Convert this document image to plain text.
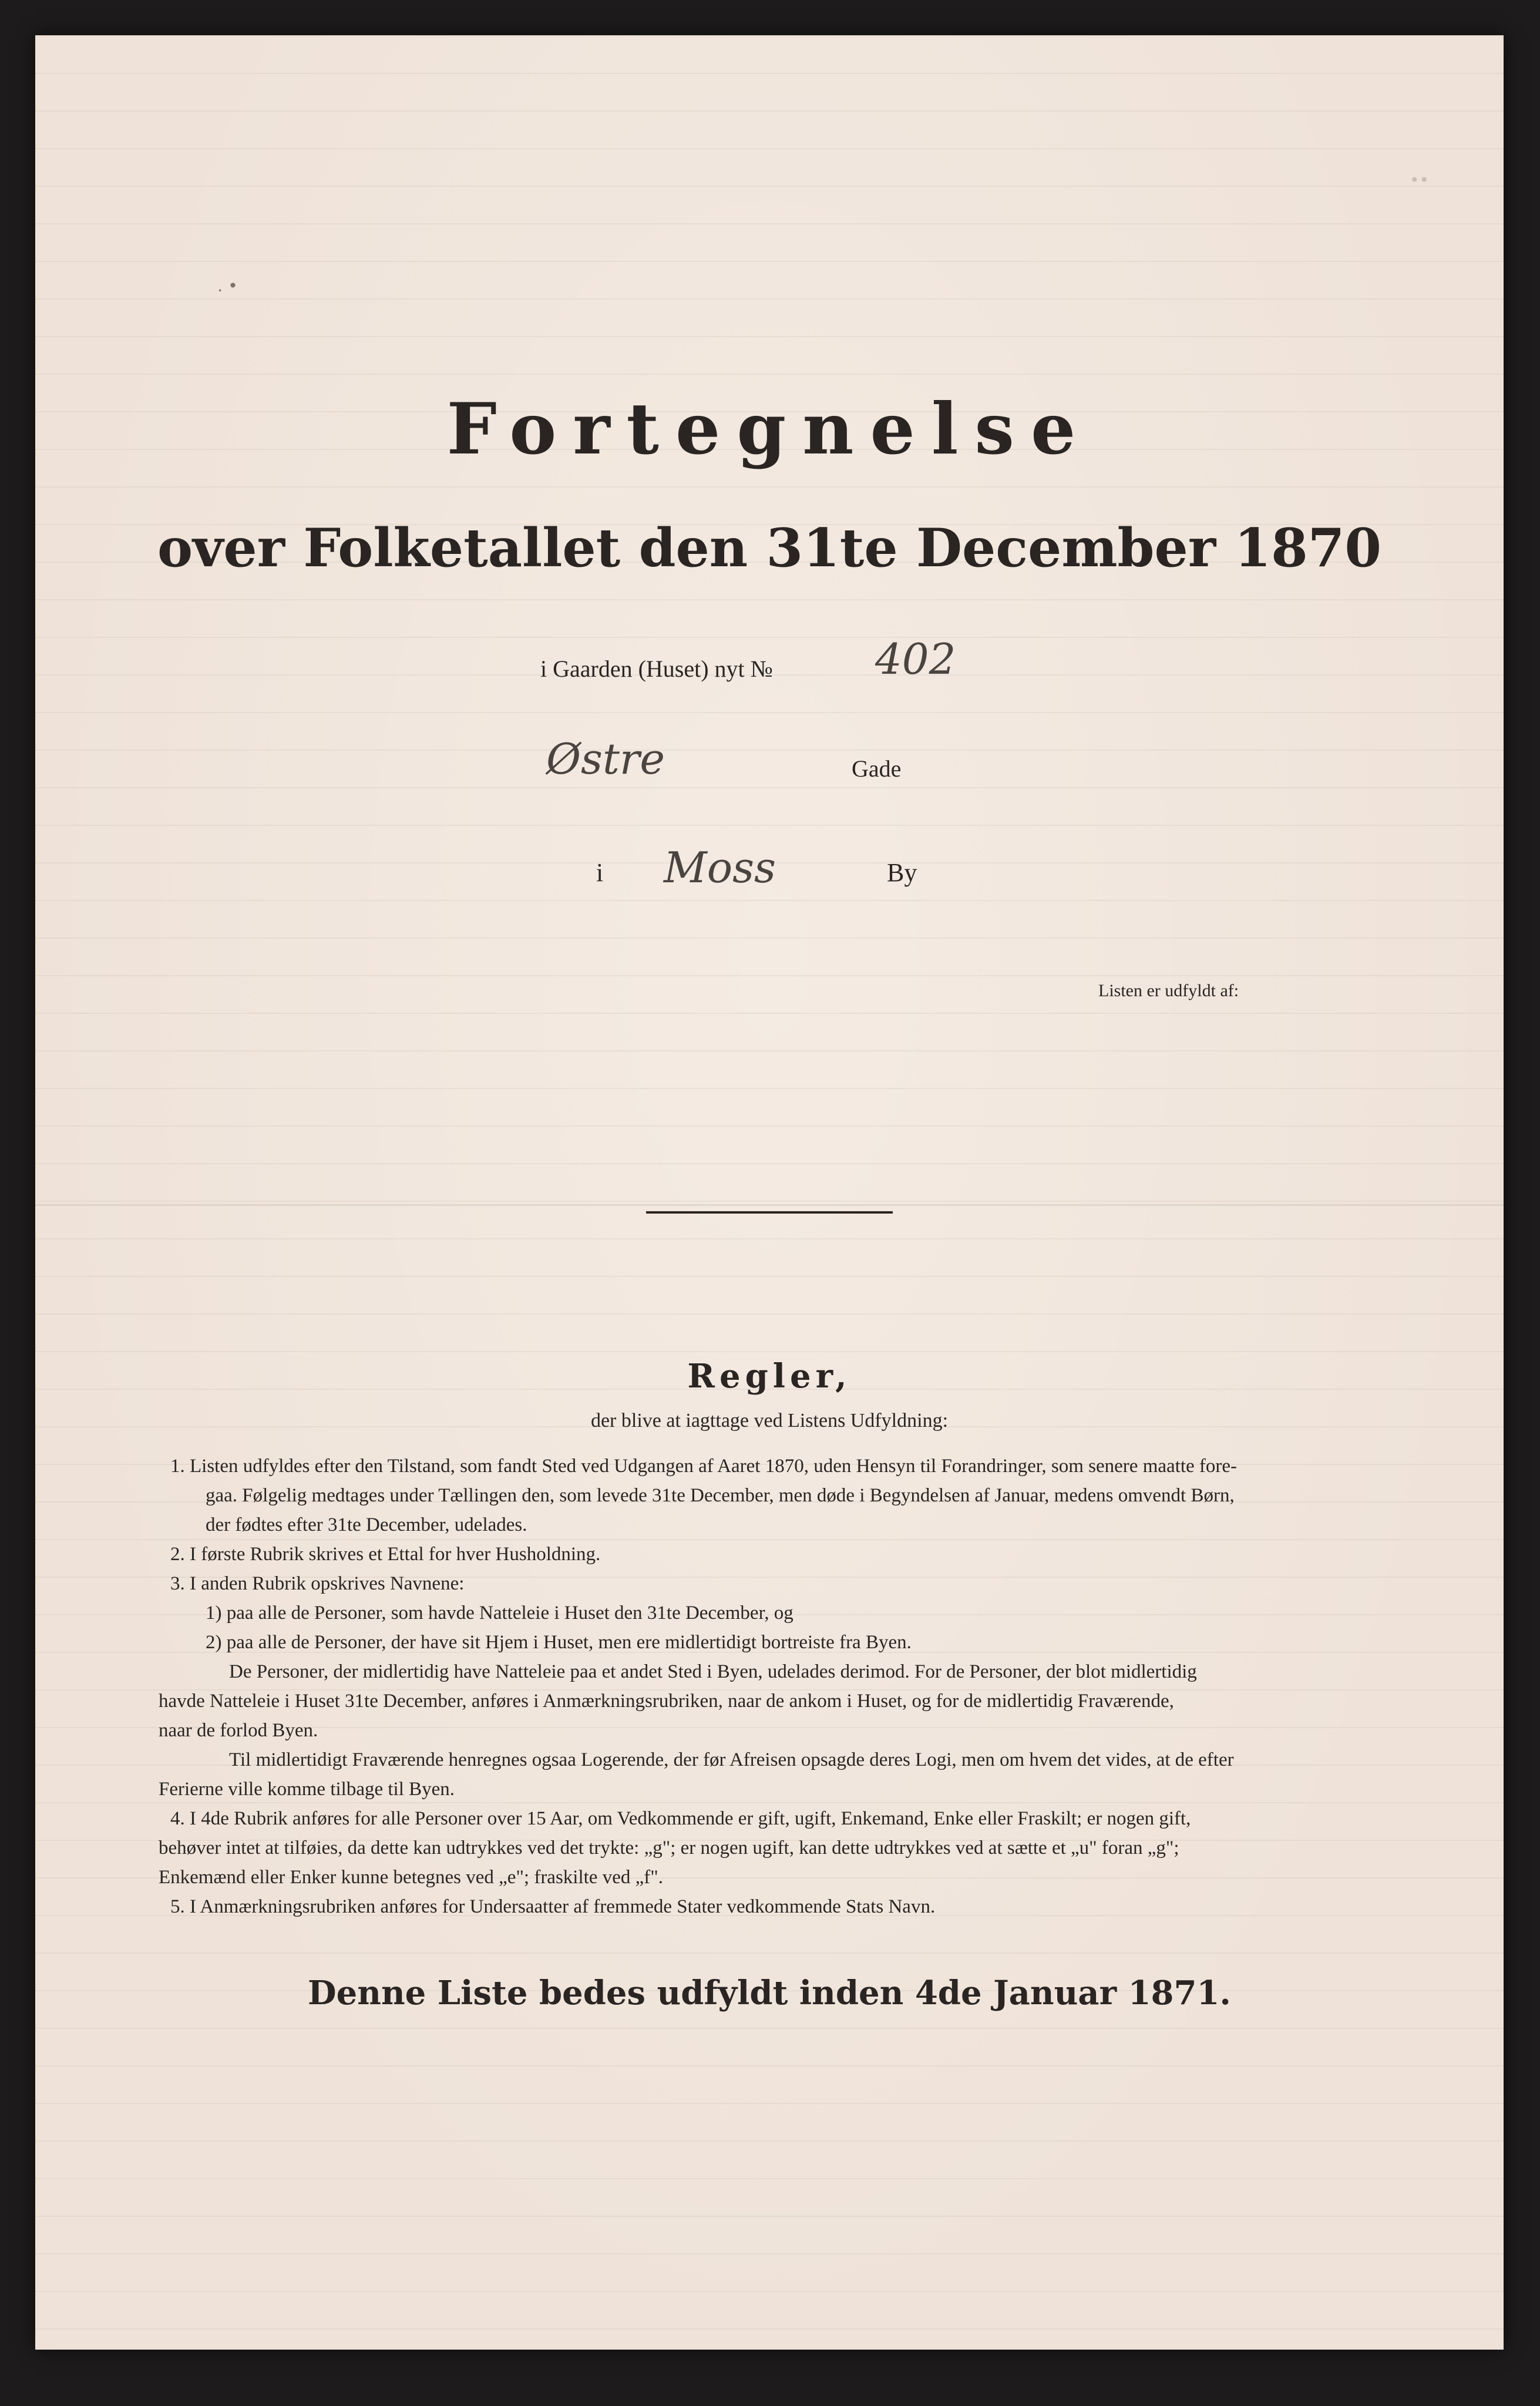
••
․ •
Fortegnelse
over Folketallet den 31te December 1870
i Gaarden (Huset) nyt № 402
Østre	Gade
i Moss	By
Listen er udfyldt af:
Regler,
der blive at iagttage ved Listens Udfyldning:
1. Listen udfyldes efter den Tilstand, som fandt Sted ved Udgangen af Aaret 1870, uden Hensyn til Forandringer, som senere maatte fore-
gaa. Følgelig medtages under Tællingen den, som levede 31te December, men døde i Begyndelsen af Januar, medens omvendt Børn,
der fødtes efter 31te December, udelades.
2. I første Rubrik skrives et Ettal for hver Husholdning.
3. I anden Rubrik opskrives Navnene:
1) paa alle de Personer, som havde Natteleie i Huset den 31te December, og
2) paa alle de Personer, der have sit Hjem i Huset, men ere midlertidigt bortreiste fra Byen.
De Personer, der midlertidig have Natteleie paa et andet Sted i Byen, udelades derimod. For de Personer, der blot midlertidig
havde Natteleie i Huset 31te December, anføres i Anmærkningsrubriken, naar de ankom i Huset, og for de midlertidig Fraværende,
naar de forlod Byen.
Til midlertidigt Fraværende henregnes ogsaa Logerende, der før Afreisen opsagde deres Logi, men om hvem det vides, at de efter
Ferierne ville komme tilbage til Byen.
4. I 4de Rubrik anføres for alle Personer over 15 Aar, om Vedkommende er gift, ugift, Enkemand, Enke eller Fraskilt; er nogen gift,
behøver intet at tilføies, da dette kan udtrykkes ved det trykte: „g"; er nogen ugift, kan dette udtrykkes ved at sætte et „u" foran „g";
Enkemænd eller Enker kunne betegnes ved „e"; fraskilte ved „f".
5. I Anmærkningsrubriken anføres for Undersaatter af fremmede Stater vedkommende Stats Navn.
Denne Liste bedes udfyldt inden 4de Januar 1871.
